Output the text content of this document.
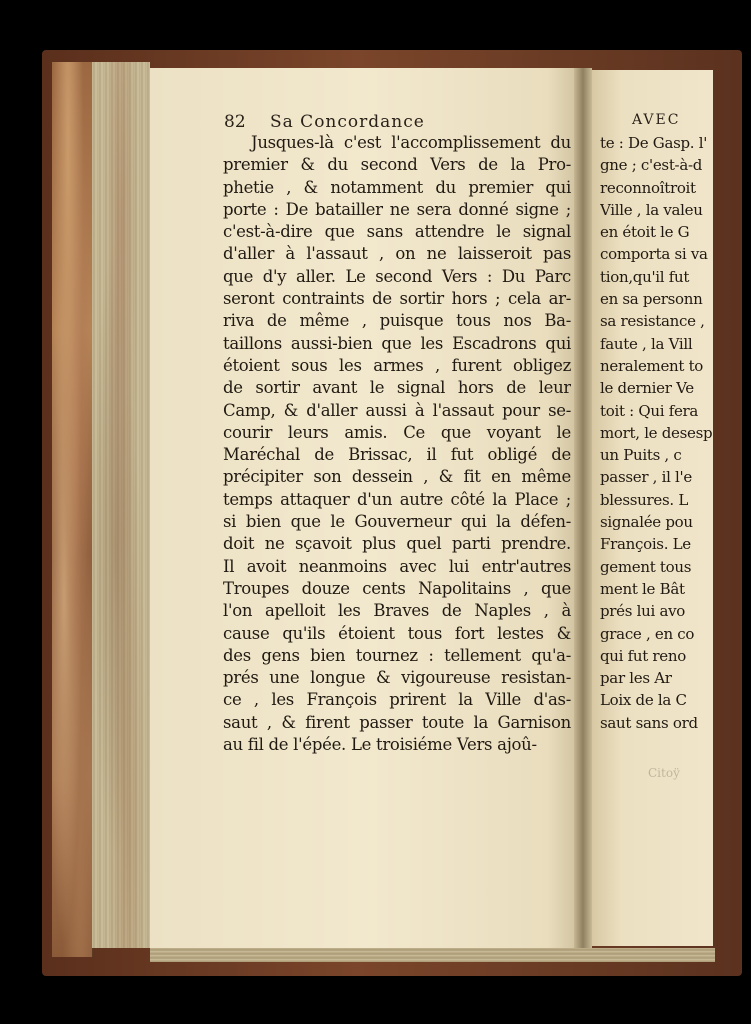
82 Sa Concordance	AVEC
Jusques-là c'est l'accomplissement du
premier & du second Vers de la Pro-
phetie , & notamment du premier qui
porte : De batailler ne sera donné signe ;
c'est-à-dire que sans attendre le signal
d'aller à l'assaut , on ne laisseroit pas
que d'y aller. Le second Vers : Du Parc
seront contraints de sortir hors ; cela ar-
riva de même , puisque tous nos Ba-
taillons aussi-bien que les Escadrons qui
étoient sous les armes , furent obligez
de sortir avant le signal hors de leur
Camp, & d'aller aussi à l'assaut pour se-
courir leurs amis. Ce que voyant le
Maréchal de Brissac, il fut obligé de
précipiter son dessein , & fit en même
temps attaquer d'un autre côté la Place ;
si bien que le Gouverneur qui la défen-
doit ne sçavoit plus quel parti prendre.
Il avoit neanmoins avec lui entr'autres
Troupes douze cents Napolitains , que
l'on apelloit les Braves de Naples , à
cause qu'ils étoient tous fort lestes &
des gens bien tournez : tellement qu'a-
prés une longue & vigoureuse resistan-
ce , les François prirent la Ville d'as-
saut , & firent passer toute la Garnison
au fil de l'épée. Le troisiéme Vers ajoû-
te : De Gasp. l'
gne ; c'est-à-d
reconnoîtroit
Ville , la valeu
en étoit le G
comporta si va
tion,qu'il fut
en sa personn
sa resistance ,
faute , la Vill
neralement to
le dernier Ve
toit : Qui fera
mort, le desesp
un Puits , c
passer , il l'e
blessures. L
signalée pou
François. Le
gement tous
ment le Bât
prés lui avo
grace , en co
qui fut reno
par les Ar
Loix de la C
saut sans ord
Citoÿ
